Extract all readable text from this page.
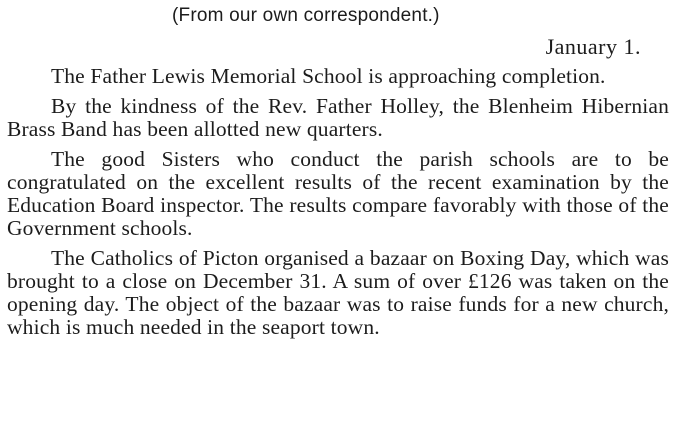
(From our own correspondent.)
January 1.

The Father Lewis Memorial School is approaching completion.

By the kindness of the Rev. Father Holley, the Blenheim Hibernian Brass Band has been allotted new quarters.

The good Sisters who conduct the parish schools are to be congratulated on the excellent results of the recent examination by the Education Board inspector. The results compare favorably with those of the Government schools.

The Catholics of Picton organised a bazaar on Boxing Day, which was brought to a close on December 31. A sum of over £126 was taken on the opening day. The object of the bazaar was to raise funds for a new church, which is much needed in the seaport town.
